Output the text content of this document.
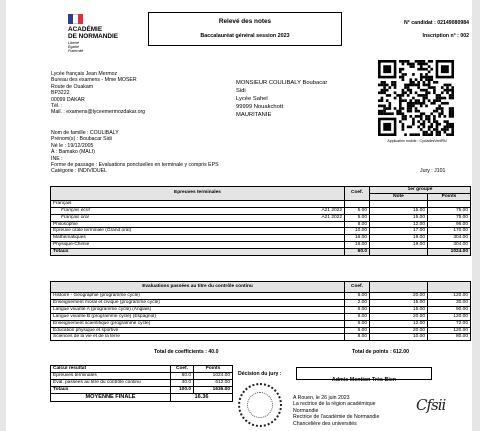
ACADÉMIE
DE NORMANDIE
Liberté
Égalité
Fraternité
Relevé des notes
Baccalauréat général session 2023
N° candidat : 02149080984
Inscription n° : 002
Lycée français Jean Mermoz
Bureau des examens - Mme MOSER
Route de Ouakam
BP3222
00099 DAKAR
Tél. :
Mail. : examens@lyceemermozdakar.org
MONSIEUR COULIBALY Boubacar
Sidi
Lycée Sahel
99999 Nouakchott
MAURITANIE
Application mobile : CycladesVerifRN
Nom de famille : COULIBALY
Prénom(s) : Boubacar Sidi
Né le : 19/12/2005
À : Bamako (MALI)
INE :
Forme de passage : Evaluations ponctuelles en terminale y compris EPS
Catégorie : INDIVIDUEL	Jury : J101
Epreuves terminales	Coef.	1er groupe	
		Note	Points
Français			
Français écrit A21 2022	5.00	15.00	75.00
Français oral A21 2022	5.00	15.00	75.00
Philosophie	8.00	12.00	96.00
Epreuve orale terminale (Grand oral)	10.00	17.00	170.00
Mathématiques	16.00	19.00	304.00
Physique-Chimie	16.00	19.00	304.00
Totaux	60.0		1024.00
Evaluations passées au titre du contrôle continu	Coef.		
Histoire - Géographie (programme cycle)	6.00	20.00	120.00
Enseignement moral et civique (programme cycle)	2.00	15.00	30.00
Langue vivante A (programme cycle) (Anglais)	6.00	15.00	90.00
Langue vivante B (programme cycle) (Espagnol)	6.00	20.00	120.00
Enseignement scientifique (programme cycle)	6.00	12.00	72.00
Education physique et sportive	6.00	20.00	120.00
Sciences de la vie et de la terre	8.00	10.00	80.00
Total de coefficients : 40.0	Total de points : 612.00
Calcul résultat	Coef.	Points
Epreuves terminales	60.0	1024.00
Eval. passées au titre du contrôle continu	40.0	612.00
Totaux	100.0	1636.00
MOYENNE FINALE	16.36	
Décision du jury :
Admis Mention Très Bien
A Rouen, le 26 juin 2023
La rectrice de la région académique
Normandie
Rectrice de l'académie de Normandie
Chancelière des universités
Cfsii
